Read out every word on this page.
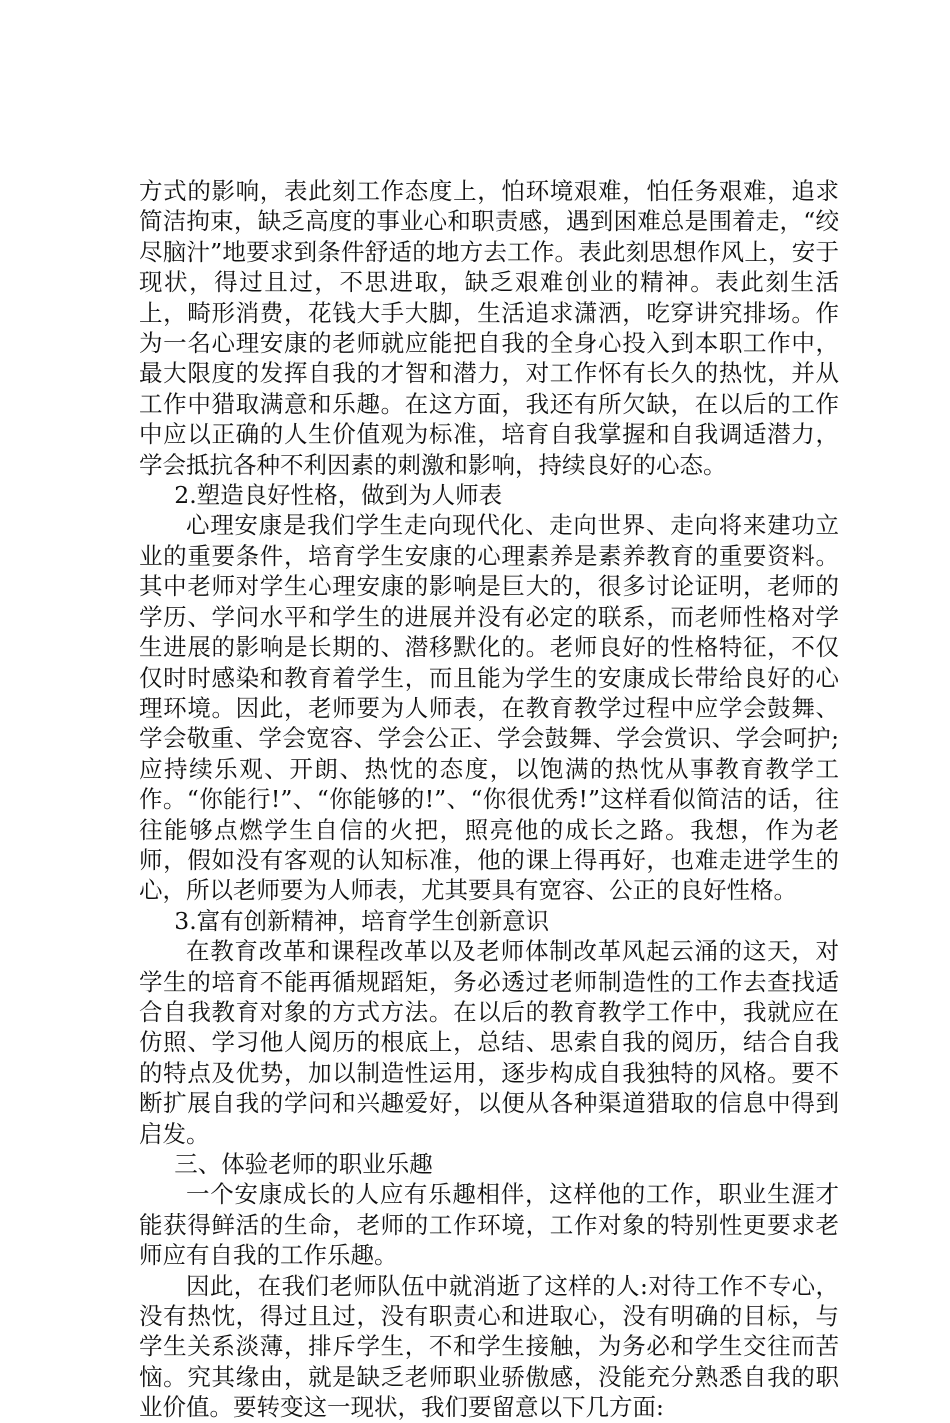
方式的影响，表此刻工作态度上，怕环境艰难，怕任务艰难，追求简洁拘束，缺乏高度的事业心和职责感，遇到困难总是围着走，“绞尽脑汁”地要求到条件舒适的地方去工作。表此刻思想作风上，安于现状，得过且过，不思进取，缺乏艰难创业的精神。表此刻生活上，畸形消费，花钱大手大脚，生活追求潇洒，吃穿讲究排场。作为一名心理安康的老师就应能把自我的全身心投入到本职工作中，最大限度的发挥自我的才智和潜力，对工作怀有长久的热忱，并从工作中猎取满意和乐趣。在这方面，我还有所欠缺，在以后的工作中应以正确的人生价值观为标准，培育自我掌握和自我调适潜力，学会抵抗各种不利因素的刺激和影响，持续良好的心态。

2.塑造良好性格，做到为人师表

心理安康是我们学生走向现代化、走向世界、走向将来建功立业的重要条件，培育学生安康的心理素养是素养教育的重要资料。其中老师对学生心理安康的影响是巨大的，很多讨论证明，老师的学历、学问水平和学生的进展并没有必定的联系，而老师性格对学生进展的影响是长期的、潜移默化的。老师良好的性格特征，不仅仅时时感染和教育着学生，而且能为学生的安康成长带给良好的心理环境。因此，老师要为人师表，在教育教学过程中应学会鼓舞、学会敬重、学会宽容、学会公正、学会鼓舞、学会赏识、学会呵护;应持续乐观、开朗、热忱的态度，以饱满的热忱从事教育教学工作。“你能行!”、“你能够的!”、“你很优秀!”这样看似简洁的话，往往能够点燃学生自信的火把，照亮他的成长之路。我想，作为老师，假如没有客观的认知标准，他的课上得再好，也难走进学生的心，所以老师要为人师表，尤其要具有宽容、公正的良好性格。

3.富有创新精神，培育学生创新意识

在教育改革和课程改革以及老师体制改革风起云涌的这天，对学生的培育不能再循规蹈矩，务必透过老师制造性的工作去查找适合自我教育对象的方式方法。在以后的教育教学工作中，我就应在仿照、学习他人阅历的根底上，总结、思索自我的阅历，结合自我的特点及优势，加以制造性运用，逐步构成自我独特的风格。要不断扩展自我的学问和兴趣爱好，以便从各种渠道猎取的信息中得到启发。

三、体验老师的职业乐趣

一个安康成长的人应有乐趣相伴，这样他的工作，职业生涯才能获得鲜活的生命，老师的工作环境，工作对象的特别性更要求老师应有自我的工作乐趣。

因此，在我们老师队伍中就消逝了这样的人:对待工作不专心，没有热忱，得过且过，没有职责心和进取心，没有明确的目标，与学生关系淡薄，排斥学生，不和学生接触，为务必和学生交往而苦恼。究其缘由，就是缺乏老师职业骄傲感，没能充分熟悉自我的职业价值。要转变这一现状，我们要留意以下几方面:
